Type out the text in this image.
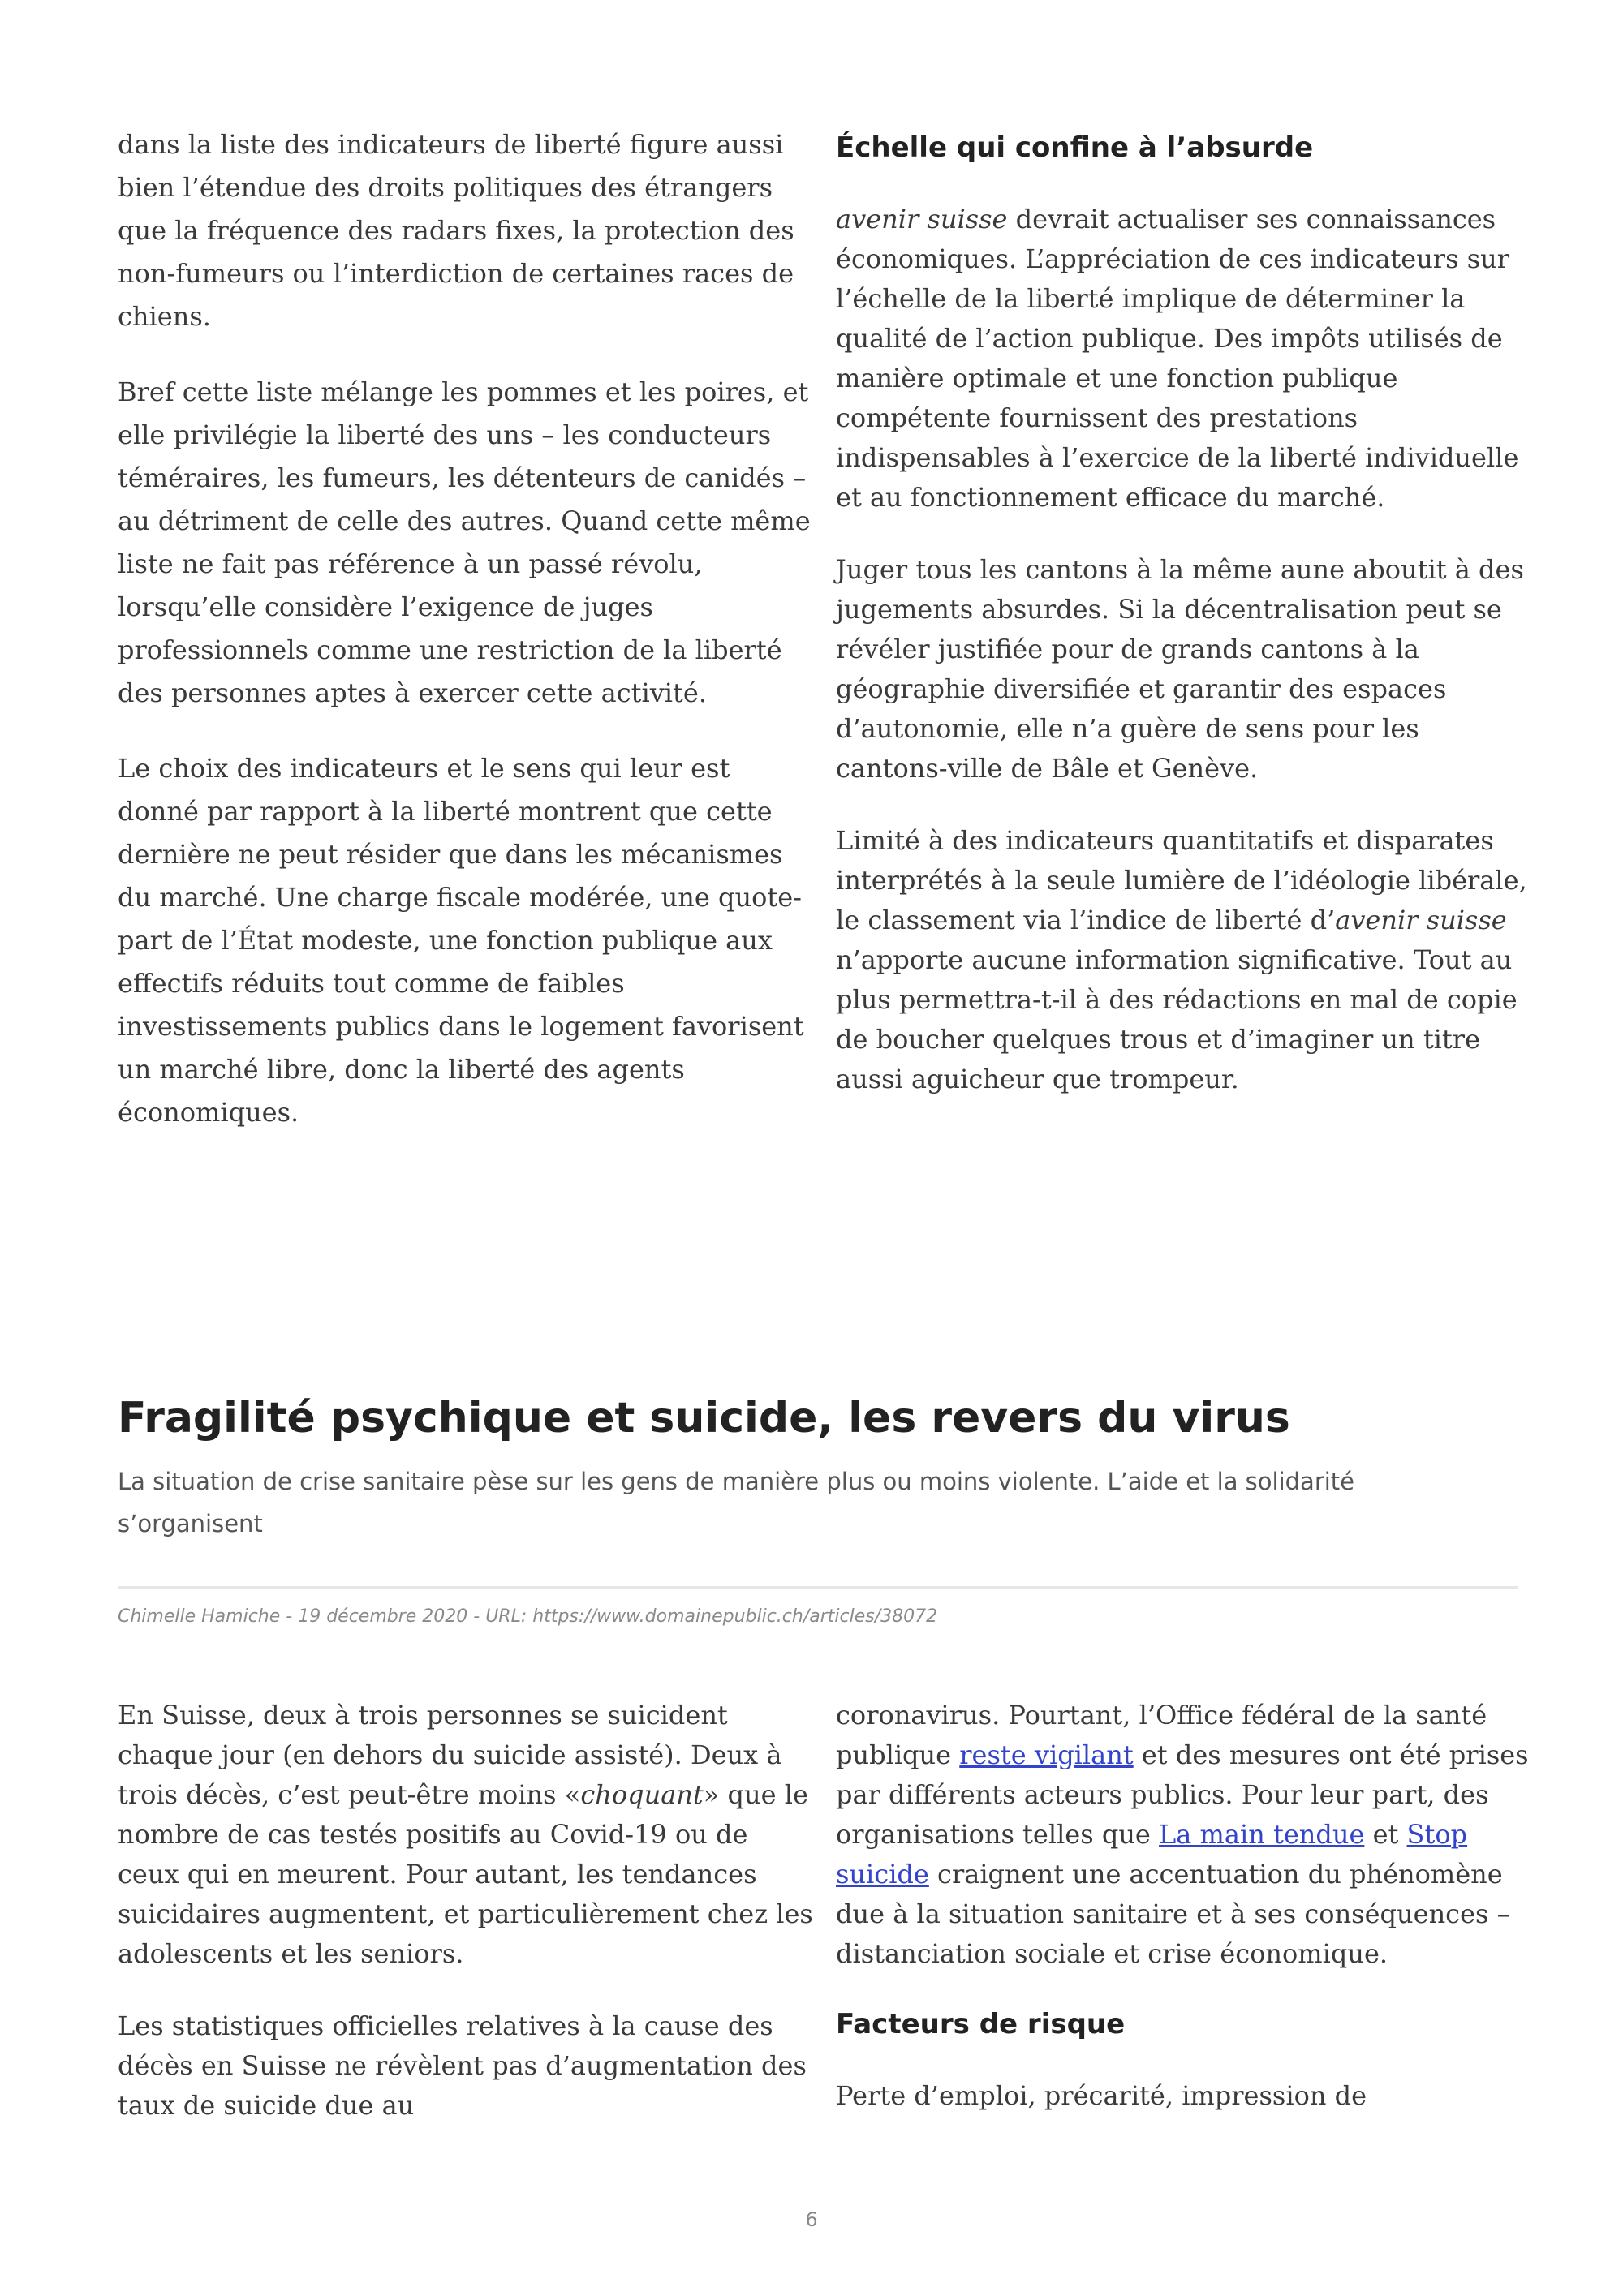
dans la liste des indicateurs de liberté figure aussi bien l’étendue des droits politiques des étrangers que la fréquence des radars fixes, la protection des non-fumeurs ou l’interdiction de certaines races de chiens.

Bref cette liste mélange les pommes et les poires, et elle privilégie la liberté des uns – les conducteurs téméraires, les fumeurs, les détenteurs de canidés – au détriment de celle des autres. Quand cette même liste ne fait pas référence à un passé révolu, lorsqu’elle considère l’exigence de juges professionnels comme une restriction de la liberté des personnes aptes à exercer cette activité.

Le choix des indicateurs et le sens qui leur est donné par rapport à la liberté montrent que cette dernière ne peut résider que dans les mécanismes du marché. Une charge fiscale modérée, une quote-part de l’État modeste, une fonction publique aux effectifs réduits tout comme de faibles investissements publics dans le logement favorisent un marché libre, donc la liberté des agents économiques.

Échelle qui confine à l’absurde

avenir suisse devrait actualiser ses connaissances économiques. L’appréciation de ces indicateurs sur l’échelle de la liberté implique de déterminer la qualité de l’action publique. Des impôts utilisés de manière optimale et une fonction publique compétente fournissent des prestations indispensables à l’exercice de la liberté individuelle et au fonctionnement efficace du marché.

Juger tous les cantons à la même aune aboutit à des jugements absurdes. Si la décentralisation peut se révéler justifiée pour de grands cantons à la géographie diversifiée et garantir des espaces d’autonomie, elle n’a guère de sens pour les cantons-ville de Bâle et Genève.

Limité à des indicateurs quantitatifs et disparates interprétés à la seule lumière de l’idéologie libérale, le classement via l’indice de liberté d’avenir suisse n’apporte aucune information significative. Tout au plus permettra-t-il à des rédactions en mal de copie de boucher quelques trous et d’imaginer un titre aussi aguicheur que trompeur.

Fragilité psychique et suicide, les revers du virus

La situation de crise sanitaire pèse sur les gens de manière plus ou moins violente. L’aide et la solidarité s’organisent

Chimelle Hamiche - 19 décembre 2020 - URL: https://www.domainepublic.ch/articles/38072

En Suisse, deux à trois personnes se suicident chaque jour (en dehors du suicide assisté). Deux à trois décès, c’est peut-être moins «choquant» que le nombre de cas testés positifs au Covid-19 ou de ceux qui en meurent. Pour autant, les tendances suicidaires augmentent, et particulièrement chez les adolescents et les seniors.

Les statistiques officielles relatives à la cause des décès en Suisse ne révèlent pas d’augmentation des taux de suicide due au

coronavirus. Pourtant, l’Office fédéral de la santé publique reste vigilant et des mesures ont été prises par différents acteurs publics. Pour leur part, des organisations telles que La main tendue et Stop suicide craignent une accentuation du phénomène due à la situation sanitaire et à ses conséquences – distanciation sociale et crise économique.

Facteurs de risque

Perte d’emploi, précarité, impression de

6
